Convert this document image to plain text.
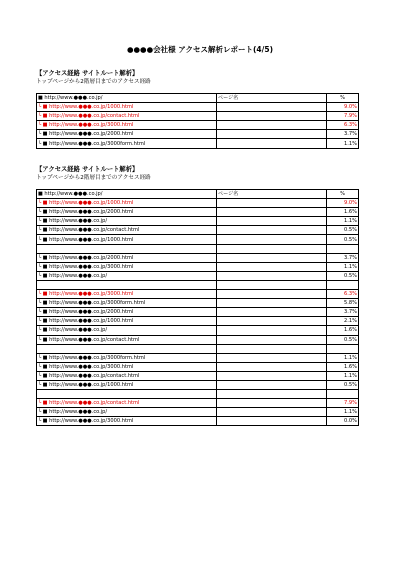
●●●●会社様 アクセス解析レポート(4/5)
【アクセス経路 サイトルート解析】
トップページから2階層目までのアクセス経路
■ http://www.●●●.co.jp/	ページ名	%
└ ■ http://www.●●●.co.jp/1000.html		9.0%
└ ■ http://www.●●●.co.jp/contact.html		7.9%
└ ■ http://www.●●●.co.jp/3000.html		6.3%
└ ■ http://www.●●●.co.jp/2000.html		3.7%
└ ■ http://www.●●●.co.jp/3000form.html		1.1%
【アクセス経路 サイトルート解析】
トップページから2階層目までのアクセス経路
■ http://www.●●●.co.jp/	ページ名	%
└ ■ http://www.●●●.co.jp/1000.html		9.0%
└ ■ http://www.●●●.co.jp/2000.html		1.6%
└ ■ http://www.●●●.co.jp/		1.1%
└ ■ http://www.●●●.co.jp/contact.html		0.5%
└ ■ http://www.●●●.co.jp/1000.html		0.5%

└ ■ http://www.●●●.co.jp/2000.html		3.7%
└ ■ http://www.●●●.co.jp/3000.html		1.1%
└ ■ http://www.●●●.co.jp/		0.5%

└ ■ http://www.●●●.co.jp/3000.html		6.3%
└ ■ http://www.●●●.co.jp/3000form.html		5.8%
└ ■ http://www.●●●.co.jp/2000.html		3.7%
└ ■ http://www.●●●.co.jp/1000.html		2.1%
└ ■ http://www.●●●.co.jp/		1.6%
└ ■ http://www.●●●.co.jp/contact.html		0.5%

└ ■ http://www.●●●.co.jp/3000form.html		1.1%
└ ■ http://www.●●●.co.jp/3000.html		1.6%
└ ■ http://www.●●●.co.jp/contact.html		1.1%
└ ■ http://www.●●●.co.jp/1000.html		0.5%

└ ■ http://www.●●●.co.jp/contact.html		7.9%
└ ■ http://www.●●●.co.jp/		1.1%
└ ■ http://www.●●●.co.jp/3000.html		0.0%
